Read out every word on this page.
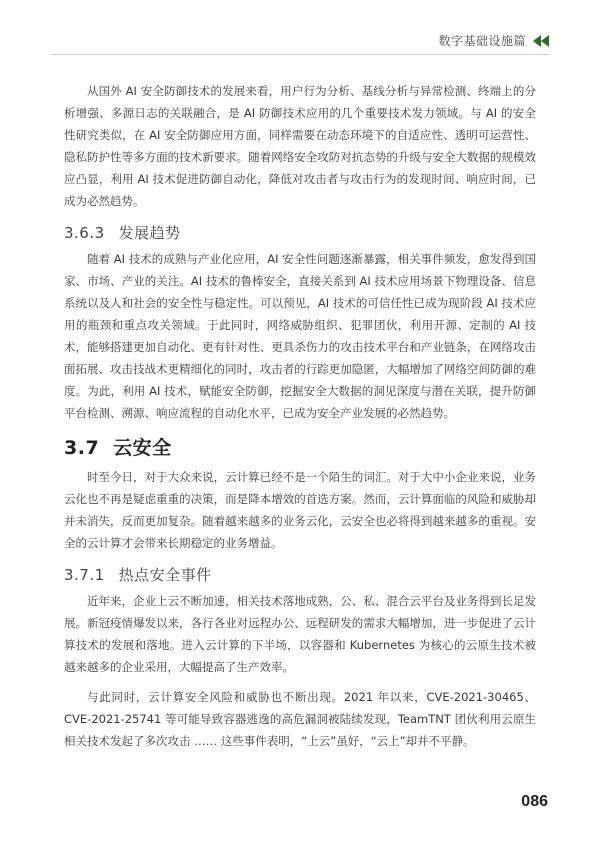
数字基础设施篇

从国外 AI 安全防御技术的发展来看，用户行为分析、基线分析与异常检测、终端上的分析增强、多源日志的关联融合，是 AI 防御技术应用的几个重要技术发力领域。与 AI 的安全性研究类似，在 AI 安全防御应用方面，同样需要在动态环境下的自适应性、透明可运营性、隐私防护性等多方面的技术新要求。随着网络安全攻防对抗态势的升级与安全大数据的规模效应凸显，利用 AI 技术促进防御自动化，降低对攻击者与攻击行为的发现时间、响应时间，已成为必然趋势。

3.6.3 发展趋势

随着 AI 技术的成熟与产业化应用，AI 安全性问题逐渐暴露，相关事件频发，愈发得到国家、市场、产业的关注。AI 技术的鲁棒安全，直接关系到 AI 技术应用场景下物理设备、信息系统以及人和社会的安全性与稳定性。可以预见，AI 技术的可信任性已成为现阶段 AI 技术应用的瓶颈和重点攻关领域。于此同时，网络威胁组织、犯罪团伙，利用开源、定制的 AI 技术，能够搭建更加自动化、更有针对性、更具杀伤力的攻击技术平台和产业链条，在网络攻击面拓展、攻击技战术更精细化的同时，攻击者的行踪更加隐匿，大幅增加了网络空间防御的难度。为此，利用 AI 技术，赋能安全防御，挖掘安全大数据的洞见深度与潜在关联，提升防御平台检测、溯源、响应流程的自动化水平，已成为安全产业发展的必然趋势。

3.7 云安全

时至今日，对于大众来说，云计算已经不是一个陌生的词汇。对于大中小企业来说，业务云化也不再是疑虑重重的决策，而是降本增效的首选方案。然而，云计算面临的风险和威胁却并未消失，反而更加复杂。随着越来越多的业务云化，云安全也必将得到越来越多的重视。安全的云计算才会带来长期稳定的业务增益。

3.7.1 热点安全事件

近年来，企业上云不断加速，相关技术落地成熟，公、私、混合云平台及业务得到长足发展。新冠疫情爆发以来，各行各业对远程办公、远程研发的需求大幅增加，进一步促进了云计算技术的发展和落地。进入云计算的下半场，以容器和 Kubernetes 为核心的云原生技术被越来越多的企业采用，大幅提高了生产效率。

与此同时，云计算安全风险和威胁也不断出现。2021 年以来，CVE-2021-30465、CVE-2021-25741 等可能导致容器逃逸的高危漏洞被陆续发现，TeamTNT 团伙利用云原生相关技术发起了多次攻击 …… 这些事件表明，“上云”虽好，“云上”却并不平静。

086
